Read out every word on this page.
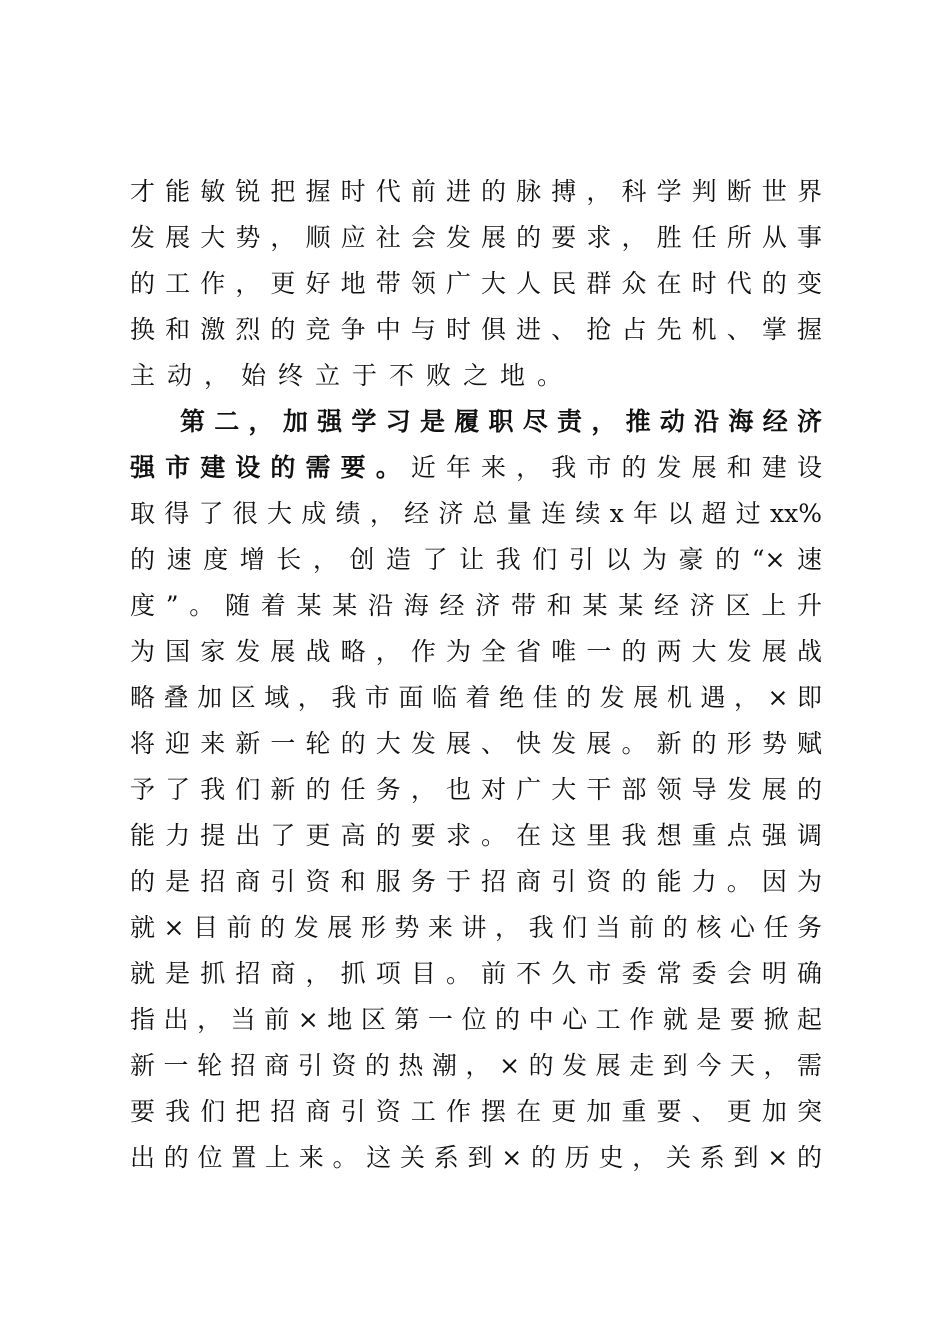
才能敏锐把握时代前进的脉搏，科学判断世界
发展大势，顺应社会发展的要求，胜任所从事
的工作，更好地带领广大人民群众在时代的变
换和激烈的竞争中与时俱进、抢占先机、掌握
主动，始终立于不败之地。
第二，加强学习是履职尽责，推动沿海经济
强市建设的需要。近年来，我市的发展和建设
取得了很大成绩，经济总量连续x年以超过xx%
的速度增长，创造了让我们引以为豪的“×速
度”。随着某某沿海经济带和某某经济区上升
为国家发展战略，作为全省唯一的两大发展战
略叠加区域，我市面临着绝佳的发展机遇，×即
将迎来新一轮的大发展、快发展。新的形势赋
予了我们新的任务，也对广大干部领导发展的
能力提出了更高的要求。在这里我想重点强调
的是招商引资和服务于招商引资的能力。因为
就×目前的发展形势来讲，我们当前的核心任务
就是抓招商，抓项目。前不久市委常委会明确
指出，当前×地区第一位的中心工作就是要掀起
新一轮招商引资的热潮，×的发展走到今天，需
要我们把招商引资工作摆在更加重要、更加突
出的位置上来。这关系到×的历史，关系到×的
